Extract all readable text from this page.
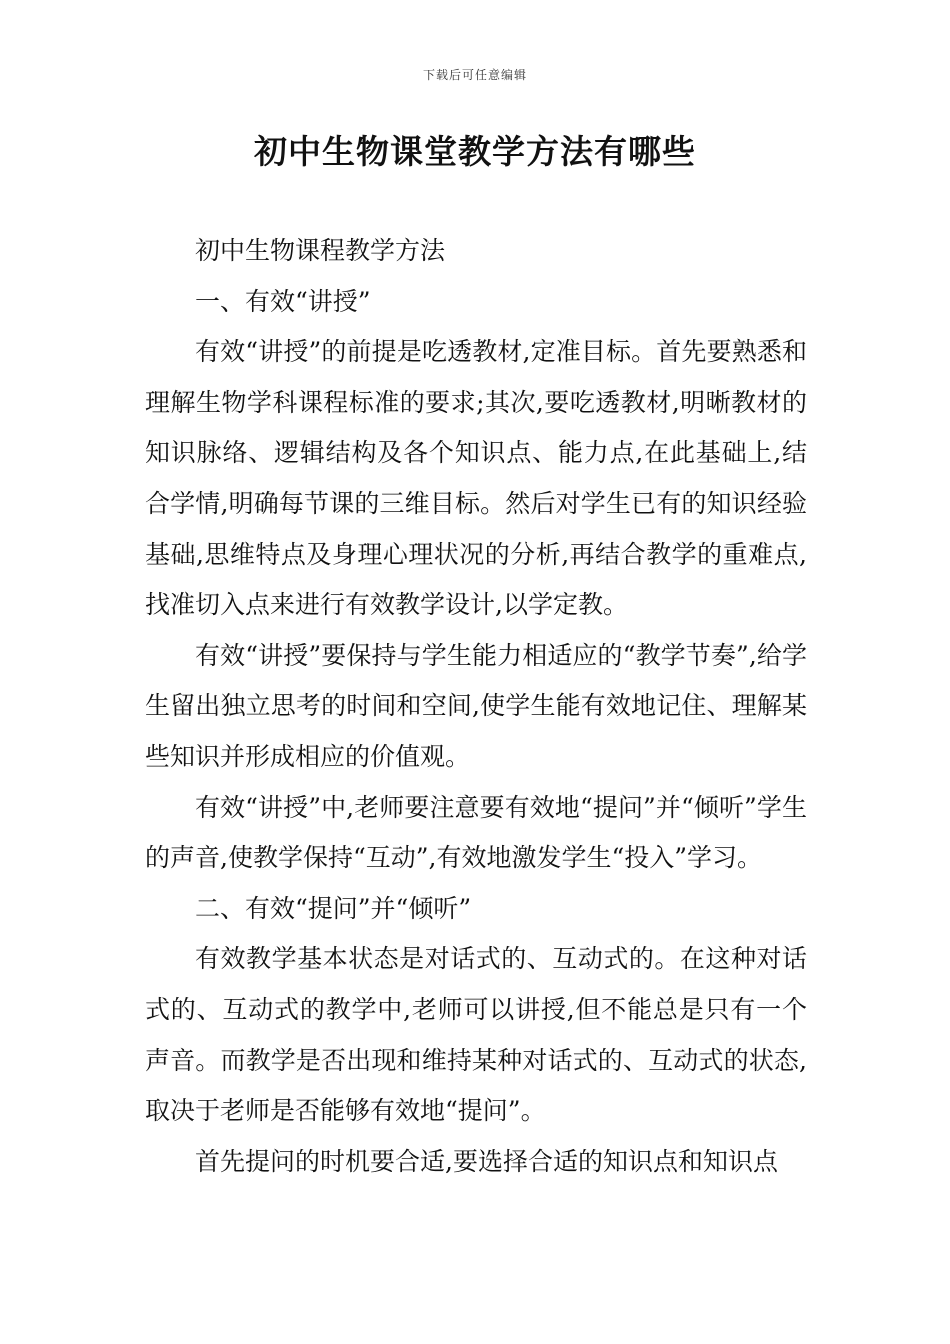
下载后可任意编辑
初中生物课堂教学方法有哪些

初中生物课程教学方法

一、有效“讲授”

有效“讲授”的前提是吃透教材,定准目标。首先要熟悉和理解生物学科课程标准的要求;其次,要吃透教材,明晰教材的知识脉络、逻辑结构及各个知识点、能力点,在此基础上,结合学情,明确每节课的三维目标。然后对学生已有的知识经验基础,思维特点及身理心理状况的分析,再结合教学的重难点,找准切入点来进行有效教学设计,以学定教。

有效“讲授”要保持与学生能力相适应的“教学节奏”,给学生留出独立思考的时间和空间,使学生能有效地记住、理解某些知识并形成相应的价值观。

有效“讲授”中,老师要注意要有效地“提问”并“倾听”学生的声音,使教学保持“互动”,有效地激发学生“投入”学习。

二、有效“提问”并“倾听”

有效教学基本状态是对话式的、互动式的。在这种对话式的、互动式的教学中,老师可以讲授,但不能总是只有一个声音。而教学是否出现和维持某种对话式的、互动式的状态,取决于老师是否能够有效地“提问”。

首先提问的时机要合适,要选择合适的知识点和知识点
